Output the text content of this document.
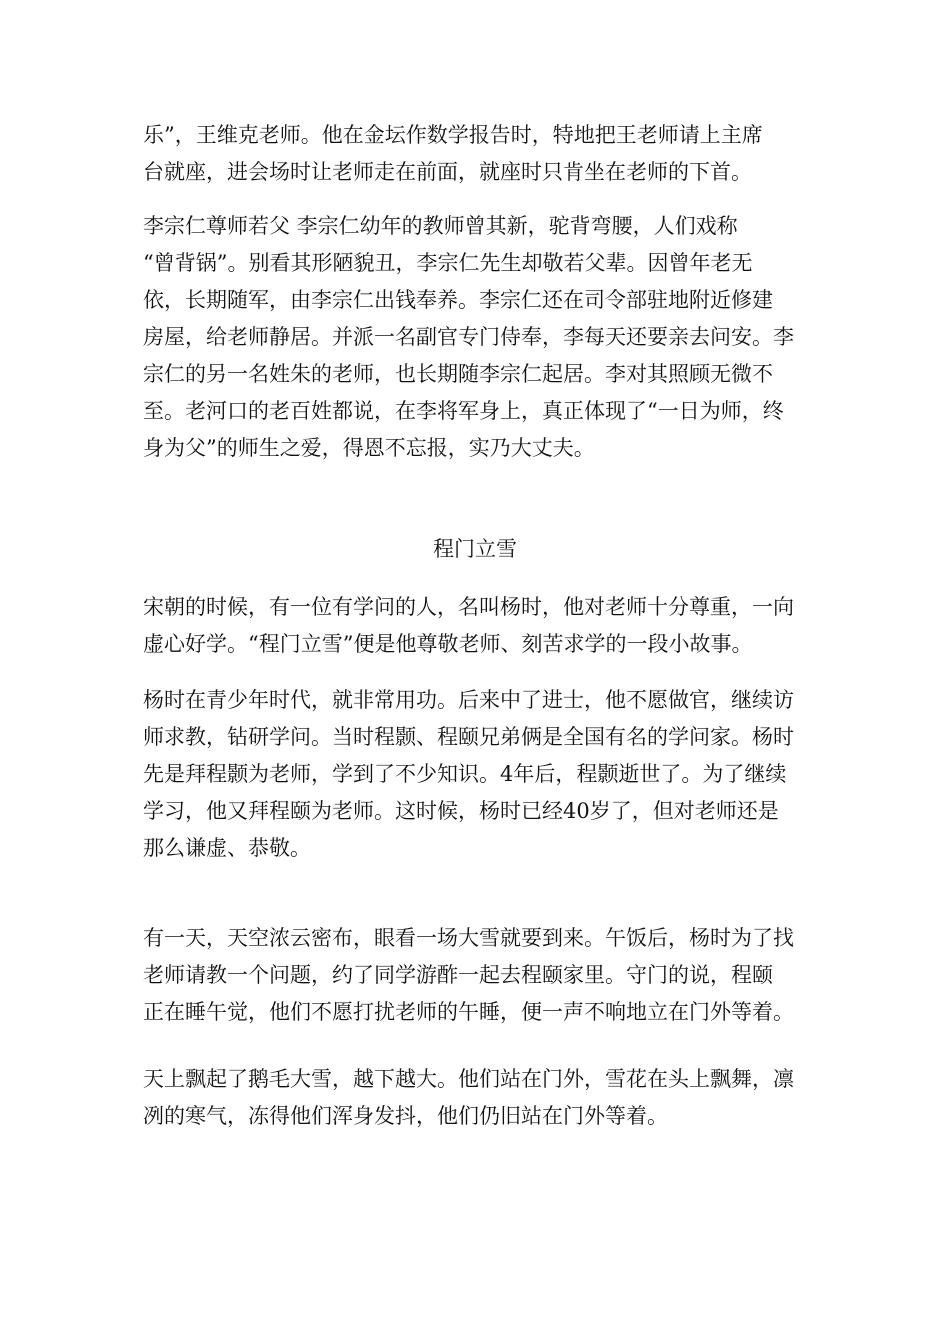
乐”，王维克老师。他在金坛作数学报告时，特地把王老师请上主席
台就座，进会场时让老师走在前面，就座时只肯坐在老师的下首。
李宗仁尊师若父 李宗仁幼年的教师曾其新，驼背弯腰，人们戏称
“曾背锅”。别看其形陋貌丑，李宗仁先生却敬若父辈。因曾年老无
依，长期随军，由李宗仁出钱奉养。李宗仁还在司令部驻地附近修建
房屋，给老师静居。并派一名副官专门侍奉，李每天还要亲去问安。李
宗仁的另一名姓朱的老师，也长期随李宗仁起居。李对其照顾无微不
至。老河口的老百姓都说，在李将军身上，真正体现了“一日为师，终
身为父”的师生之爱，得恩不忘报，实乃大丈夫。
程门立雪
宋朝的时候，有一位有学问的人，名叫杨时，他对老师十分尊重，一向
虚心好学。“程门立雪”便是他尊敬老师、刻苦求学的一段小故事。
杨时在青少年时代，就非常用功。后来中了进士，他不愿做官，继续访
师求教，钻研学问。当时程颢、程颐兄弟俩是全国有名的学问家。杨时
先是拜程颢为老师，学到了不少知识。4年后，程颢逝世了。为了继续
学习，他又拜程颐为老师。这时候，杨时已经40岁了，但对老师还是
那么谦虚、恭敬。
有一天，天空浓云密布，眼看一场大雪就要到来。午饭后，杨时为了找
老师请教一个问题，约了同学游酢一起去程颐家里。守门的说，程颐
正在睡午觉，他们不愿打扰老师的午睡，便一声不响地立在门外等着。
天上飘起了鹅毛大雪，越下越大。他们站在门外，雪花在头上飘舞，凛
冽的寒气，冻得他们浑身发抖，他们仍旧站在门外等着。
